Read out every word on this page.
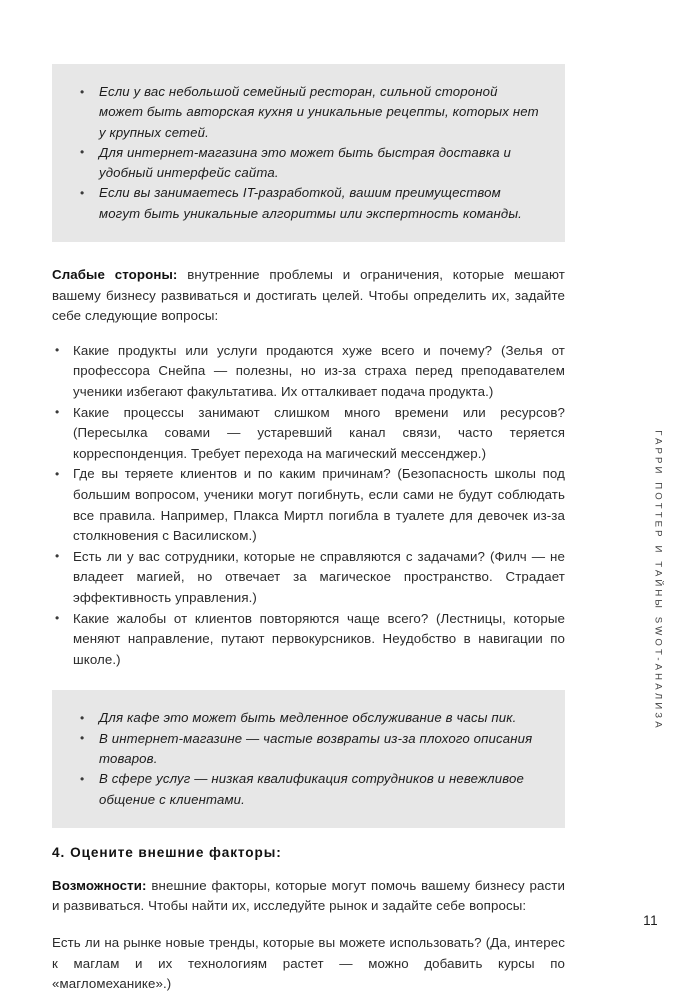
• Если у вас небольшой семейный ресторан, сильной стороной может быть авторская кухня и уникальные рецепты, которых нет у крупных сетей.
• Для интернет-магазина это может быть быстрая доставка и удобный интерфейс сайта.
• Если вы занимаетесь IT-разработкой, вашим преимуществом могут быть уникальные алгоритмы или экспертность команды.

Слабые стороны: внутренние проблемы и ограничения, которые мешают вашему бизнесу развиваться и достигать целей. Чтобы определить их, задайте себе следующие вопросы:

• Какие продукты или услуги продаются хуже всего и почему? (Зелья от профессора Снейпа — полезны, но из-за страха перед преподавателем ученики избегают факультатива. Их отталкивает подача продукта.)
• Какие процессы занимают слишком много времени или ресурсов? (Пересылка совами — устаревший канал связи, часто теряется корреспонденция. Требует перехода на магический мессенджер.)
• Где вы теряете клиентов и по каким причинам? (Безопасность школы под большим вопросом, ученики могут погибнуть, если сами не будут соблюдать все правила. Например, Плакса Миртл погибла в туалете для девочек из-за столкновения с Василиском.)
• Есть ли у вас сотрудники, которые не справляются с задачами? (Филч — не владеет магией, но отвечает за магическое пространство. Страдает эффективность управления.)
• Какие жалобы от клиентов повторяются чаще всего? (Лестницы, которые меняют направление, путают первокурсников. Неудобство в навигации по школе.)
• Для кафе это может быть медленное обслуживание в часы пик.
• В интернет-магазине — частые возвраты из-за плохого описания товаров.
• В сфере услуг — низкая квалификация сотрудников и невежливое общение с клиентами.

4. Оцените внешние факторы:

Возможности: внешние факторы, которые могут помочь вашему бизнесу расти и развиваться. Чтобы найти их, исследуйте рынок и задайте себе вопросы:

Есть ли на рынке новые тренды, которые вы можете использовать? (Да, интерес к маглам и их технологиям растет — можно добавить курсы по «магломеханике».)

ГАРРИ ПОТТЕР И ТАЙНЫ SWOT-АНАЛИЗА
11
